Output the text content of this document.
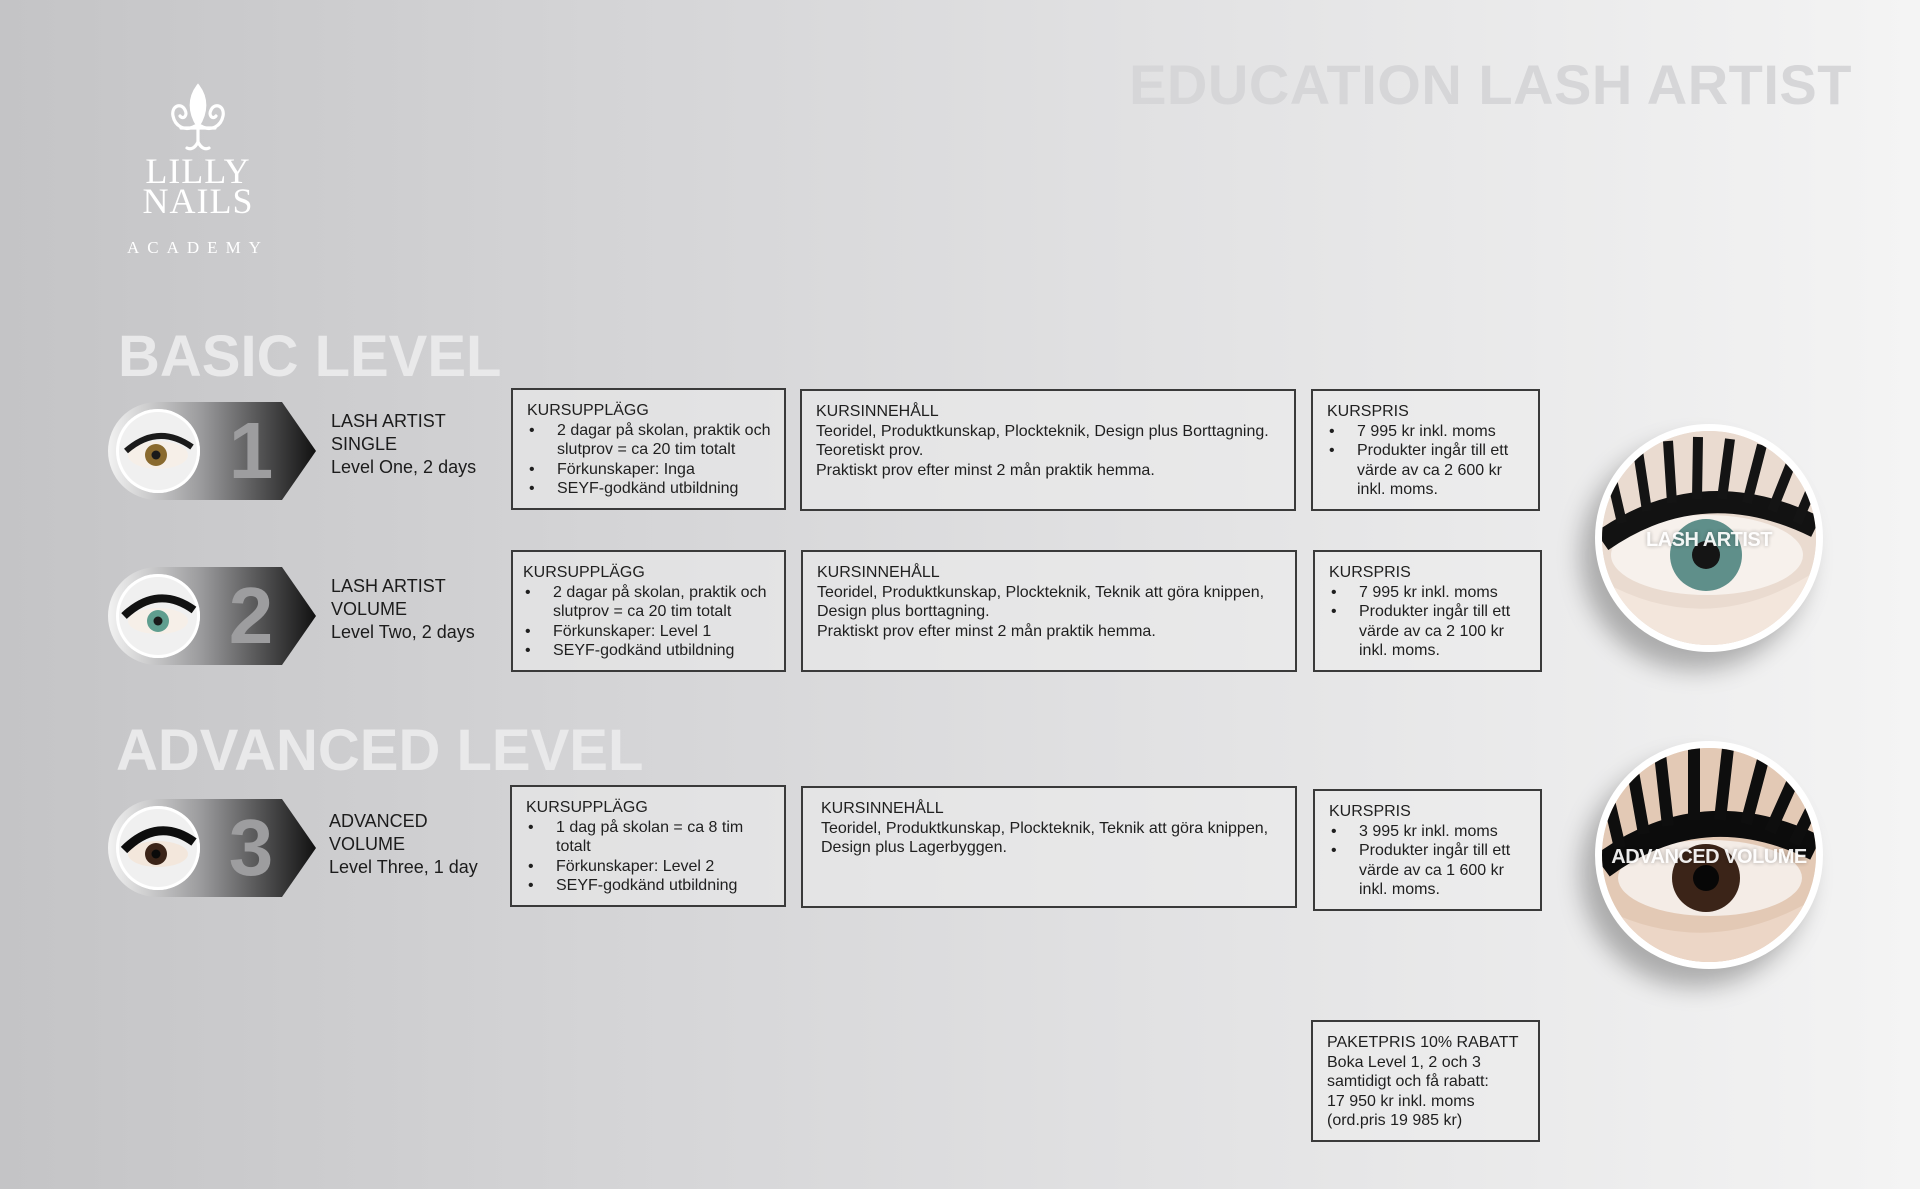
LILLY
NAILS
ACADEMY
EDUCATION LASH ARTIST
BASIC LEVEL
ADVANCED LEVEL
1
2
3
LASH ARTIST
SINGLE
Level One, 2 days
LASH ARTIST
VOLUME
Level Two, 2 days
ADVANCED
VOLUME
Level Three, 1 day
KURSUPPLÄGG
• 2 dagar på skolan, praktik och
slutprov = ca 20 tim totalt
• Förkunskaper: Inga
• SEYF-godkänd utbildning
KURSINNEHÅLL
Teoridel, Produktkunskap, Plockteknik, Design plus Borttagning.
Teoretiskt prov.
Praktiskt prov efter minst 2 mån praktik hemma.
KURSPRIS
• 7 995 kr inkl. moms
• Produkter ingår till ett
värde av ca 2 600 kr
inkl. moms.
KURSUPPLÄGG
• 2 dagar på skolan, praktik och
slutprov = ca 20 tim totalt
• Förkunskaper: Level 1
• SEYF-godkänd utbildning
KURSINNEHÅLL
Teoridel, Produktkunskap, Plockteknik, Teknik att göra knippen,
Design plus borttagning.
Praktiskt prov efter minst 2 mån praktik hemma.
KURSPRIS
• 7 995 kr inkl. moms
• Produkter ingår till ett
värde av ca 2 100 kr
inkl. moms.
KURSUPPLÄGG
• 1 dag på skolan = ca 8 tim
totalt
• Förkunskaper: Level 2
• SEYF-godkänd utbildning
KURSINNEHÅLL
Teoridel, Produktkunskap, Plockteknik, Teknik att göra knippen,
Design plus Lagerbyggen.
KURSPRIS
• 3 995 kr inkl. moms
• Produkter ingår till ett
värde av ca 1 600 kr
inkl. moms.
PAKETPRIS 10% RABATT
Boka Level 1, 2 och 3
samtidigt och få rabatt:
17 950 kr inkl. moms
(ord.pris 19 985 kr)
LASH ARTIST
ADVANCED VOLUME
